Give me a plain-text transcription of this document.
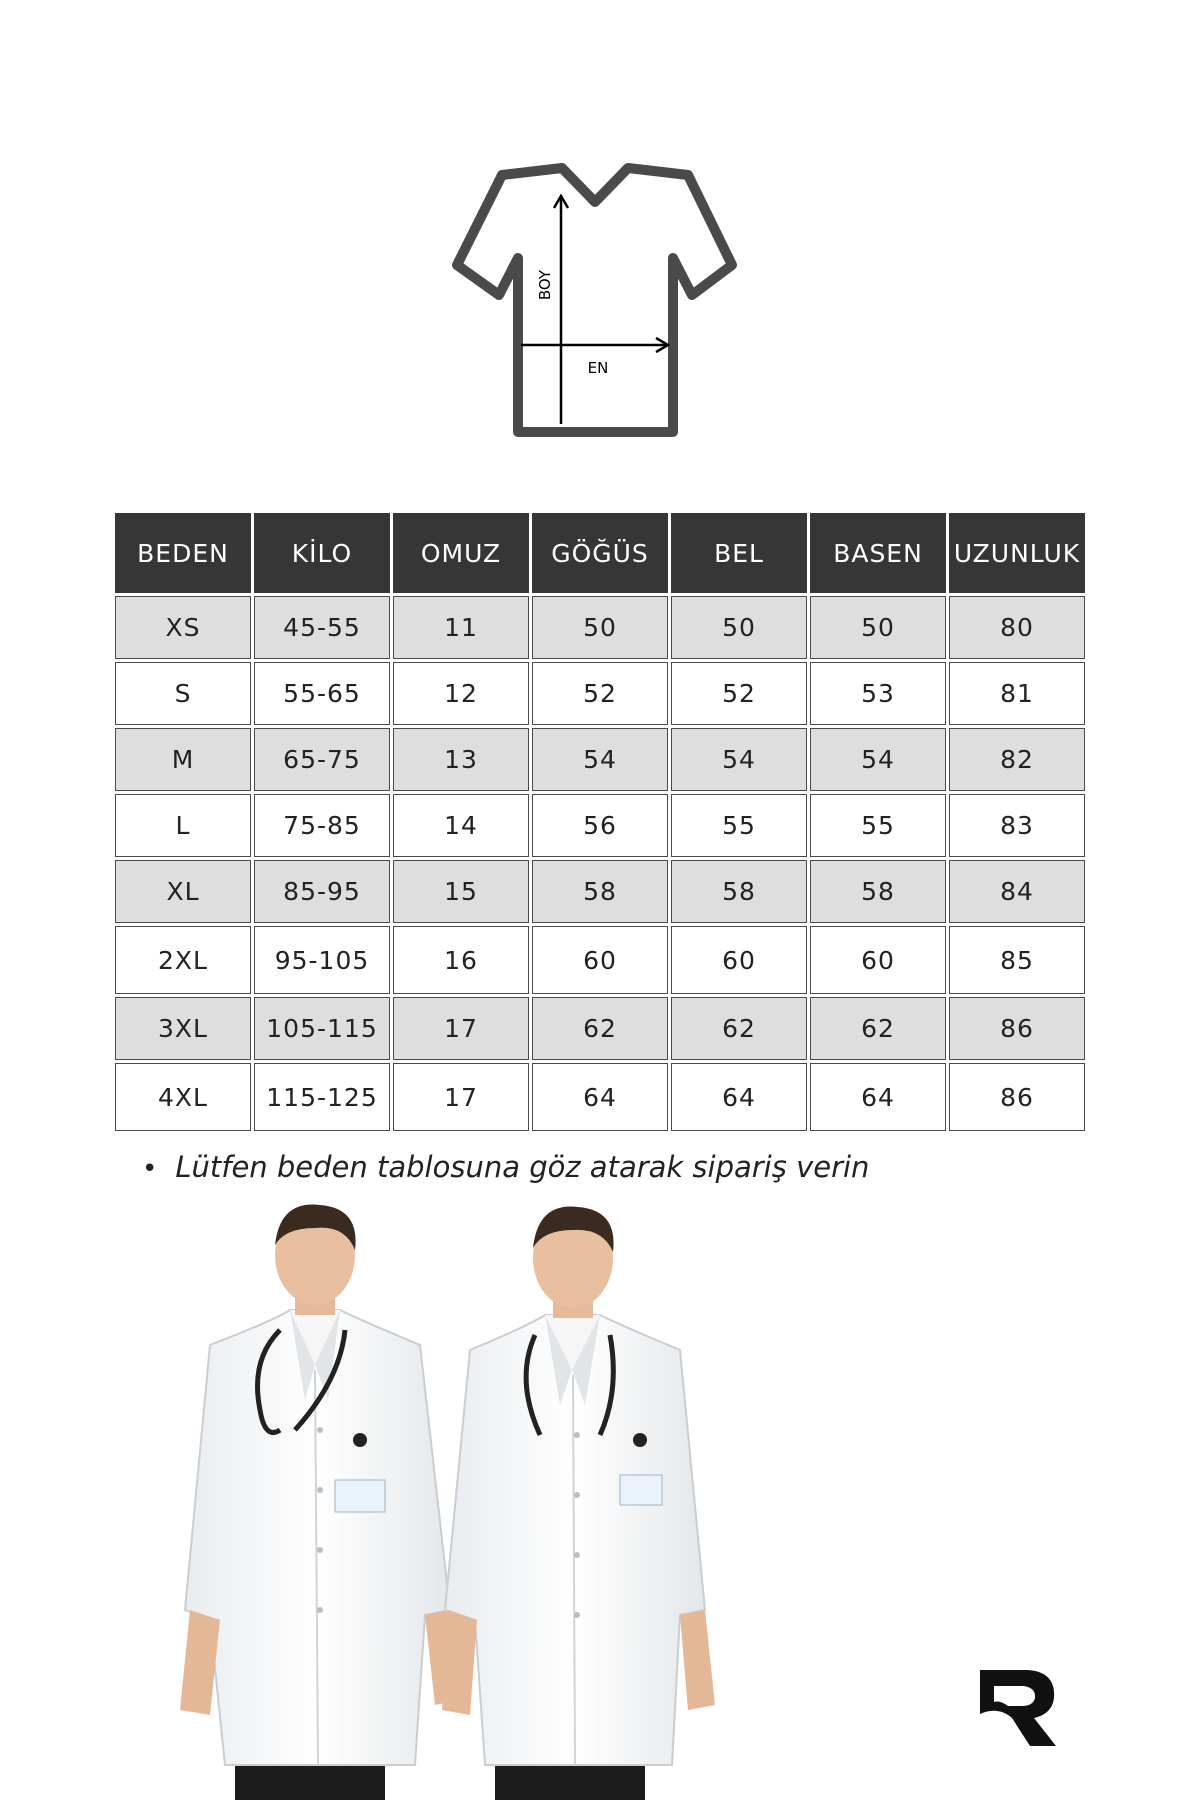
BOY
EN
BEDEN	KİLO	OMUZ	GÖĞÜS	BEL	BASEN	UZUNLUK
XS	45-55	11	50	50	50	80
S	55-65	12	52	52	53	81
M	65-75	13	54	54	54	82
L	75-85	14	56	55	55	83
XL	85-95	15	58	58	58	84
2XL	95-105	16	60	60	60	85
3XL	105-115	17	62	62	62	86
4XL	115-125	17	64	64	64	86
• Lütfen beden tablosuna göz atarak sipariş verin
